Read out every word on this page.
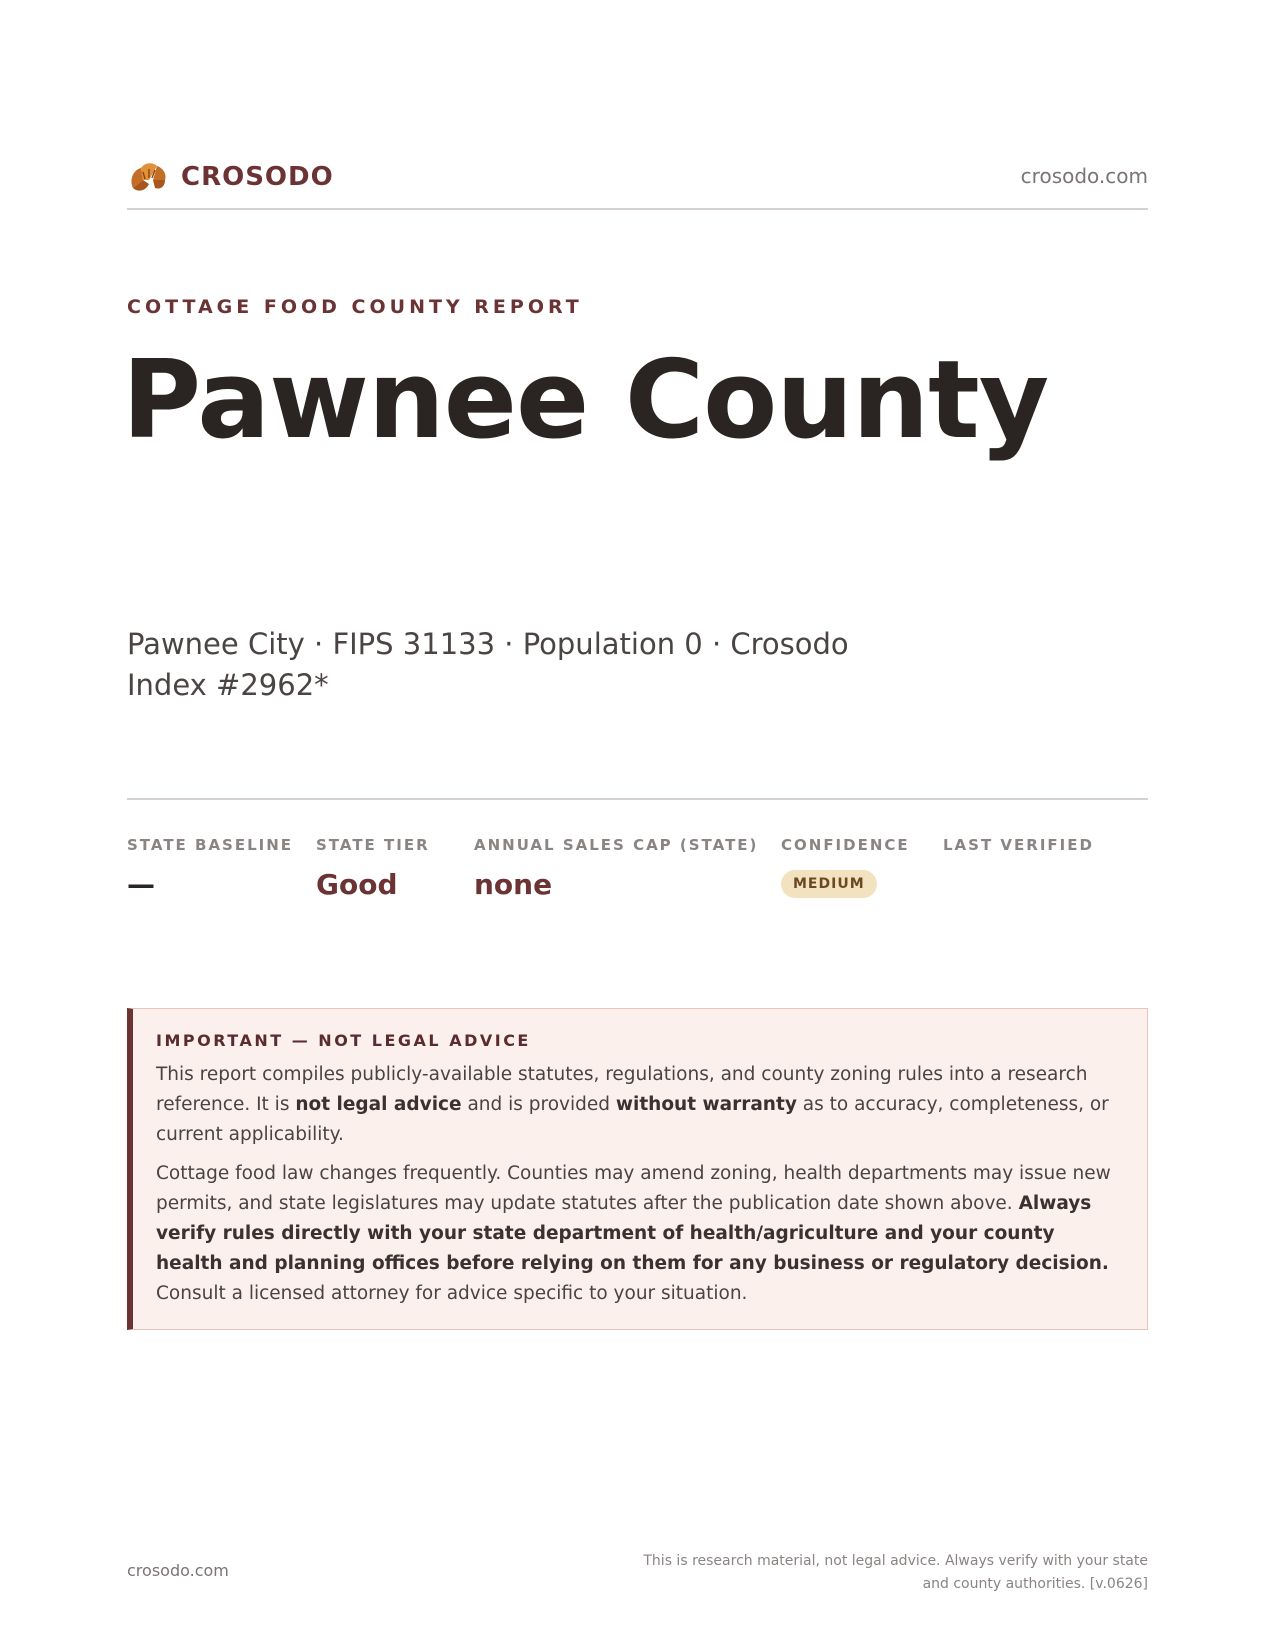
CROSODO	crosodo.com
COTTAGE FOOD COUNTY REPORT
Pawnee County
Pawnee City · FIPS 31133 · Population 0 · Crosodo Index #2962*
STATE BASELINE
—
STATE TIER
Good
ANNUAL SALES CAP (STATE)
none
CONFIDENCE
MEDIUM
LAST VERIFIED
IMPORTANT — NOT LEGAL ADVICE

This report compiles publicly-available statutes, regulations, and county zoning rules into a research reference. It is not legal advice and is provided without warranty as to accuracy, completeness, or current applicability.

Cottage food law changes frequently. Counties may amend zoning, health departments may issue new permits, and state legislatures may update statutes after the publication date shown above. Always verify rules directly with your state department of health/agriculture and your county health and planning offices before relying on them for any business or regulatory decision. Consult a licensed attorney for advice specific to your situation.

crosodo.com	This is research material, not legal advice. Always verify with your state and county authorities. [v.0626]
